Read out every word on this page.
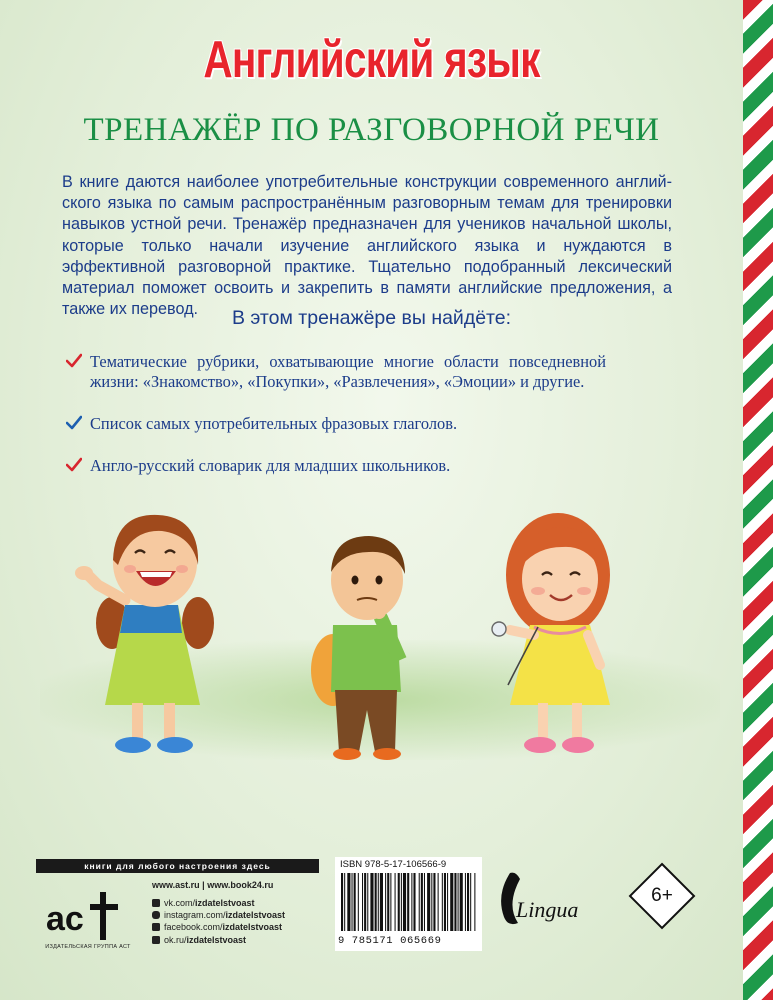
Английский язык
ТРЕНАЖЁР ПО РАЗГОВОРНОЙ РЕЧИ

В книге даются наиболее употребительные конструкции современного англий-ского языка по самым распространённым разговорным темам для тренировки навыков устной речи. Тренажёр предназначен для учеников начальной школы, которые только начали изучение английского языка и нуждаются в эффективной разговорной практике. Тщательно подобранный лексический материал поможет освоить и закрепить в памяти английские предложения, а также их перевод.	В этом тренажёре вы найдёте:
Тематические рубрики, охватывающие многие области повседневной жизни: «Знакомство», «Покупки», «Развлечения», «Эмоции» и другие.
Список самых употребительных фразовых глаголов.
Англо-русский словарик для младших школьников.
книги для любого настроения здесь
ас
ИЗДАТЕЛЬСКАЯ ГРУППА АСТ
www.ast.ru | www.book24.ru
vk.com/izdatelstvoast
instagram.com/izdatelstvoast
facebook.com/izdatelstvoast
ok.ru/izdatelstvoast
ISBN 978-5-17-106566-9
9 785171 065669
Lingua
6+
